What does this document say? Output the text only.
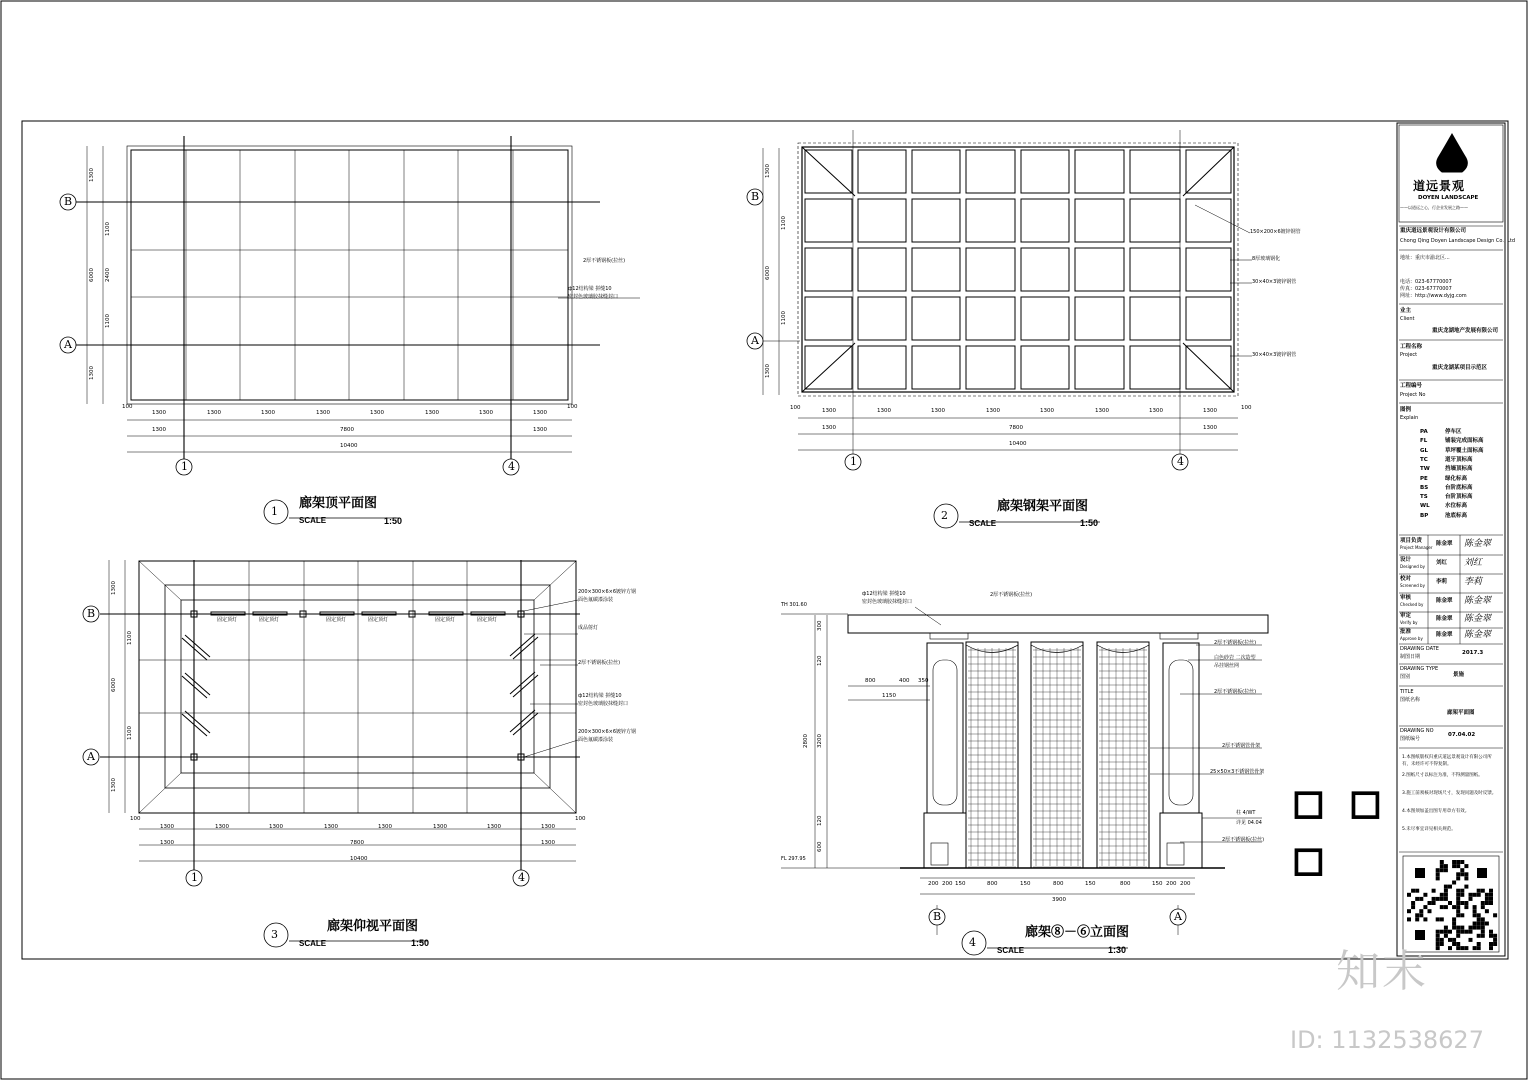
1
廊架顶平面图
SCALE	1:50	2
廊架钢架平面图
SCALE	1:50
3
廊架仰视平面图
SCALE	1:50	4
廊架⑧－⑥立面图
SCALE	1:30
B
A
1	4
B
A
1	4
B
A
1	4
B	A
1300	1300	1300	1300	1300	1300	1300	1300
100	100
1300	7800	1300
10400
1300
1100
6000 2400
1100
1300
2厚不锈钢板(拉丝)
ф12结构梁 拼缝10
密封色玻璃胶抹缝封口
1300	1300	1300	1300	1300	1300	1300	1300
100	100
1300	7800	1300
10400
1300
1100
6000
1100
1300
150×200×6镀锌钢管
8厚玻璃钢化
30×40×3镀锌钢管
30×40×3镀锌钢管
1300	1300	1300	1300	1300	1300	1300	1300
100	100
1300	7800	1300
10400
1300
1100
6000
1100
1300
固定顶灯	固定顶灯	固定顶灯	固定顶灯	固定顶灯	固定顶灯
200×300×6×6镀锌方钢
面色氟碳漆涂装
成品射灯
2厚不锈钢板(拉丝)
ф12结构梁 拼缝10
密封色玻璃胶抹缝封口
200×300×6×6镀锌方钢
面色氟碳漆涂装
TH 301.60
FL 297.95
ф12结构梁 拼缝10
密封色玻璃胶抹缝封口
2厚不锈钢板(拉丝)
2厚不锈钢板(拉丝)
白色砂岩 二次造型
吊挂钢丝网
2厚不锈钢板(拉丝)
2厚不锈钢管骨架
25×50×3不锈钢管骨架
柱 4/WT
详见 04.04
2厚不锈钢板(拉丝)
200 200 150	800	150	800	150	800	150 200 200
3900
800	400 350
1150
300
120
2800 3200
120
600
道远景观
DOYEN LANDSCAPE
——以道远之心，行企业发展之路——
重庆道远景观设计有限公司
Chong Qing Doyen Landscape Design Co., Ltd
地址：重庆市渝北区...
电话：023-67770007
传真：023-67770007
网址：http://www.dyjg.com
业主
Client
重庆龙湖地产发展有限公司
工程名称
Project
重庆龙湖某项目示范区
工程编号
Project No
图例
Explain
PA	停车区
FL	铺装完成面标高
GL	草坪覆土面标高
TC	道牙顶标高
TW	挡墙顶标高
PE	绿化标高
BS	台阶底标高
TS	台阶顶标高
WL	水位标高
BP	池底标高
项目负责
Project Manager
陈金翠 陈金翠
设计
Designed by
刘红 刘红
校对
Screened by
李莉 李莉
审核
Checked by
陈金翠 陈金翠
审定
Verify by
陈金翠 陈金翠
批准
Approve by
陈金翠 陈金翠
DRAWING DATE
制图日期
2017.3
DRAWING TYPE
图别	景施
TITLE
图纸名称
廊架平面图
DRAWING NO
图纸编号
07.04.02
1.本图纸版权归重庆道远景观设计有限公司所有，未经许可不得复制。
2.图纸尺寸以标注为准，不得测量图纸。
3.施工前须核对现场尺寸，发现问题及时反馈。
4.本图须加盖出图专用章方有效。
5.未尽事宜详见相关规范。
知末
ID: 1132538627
